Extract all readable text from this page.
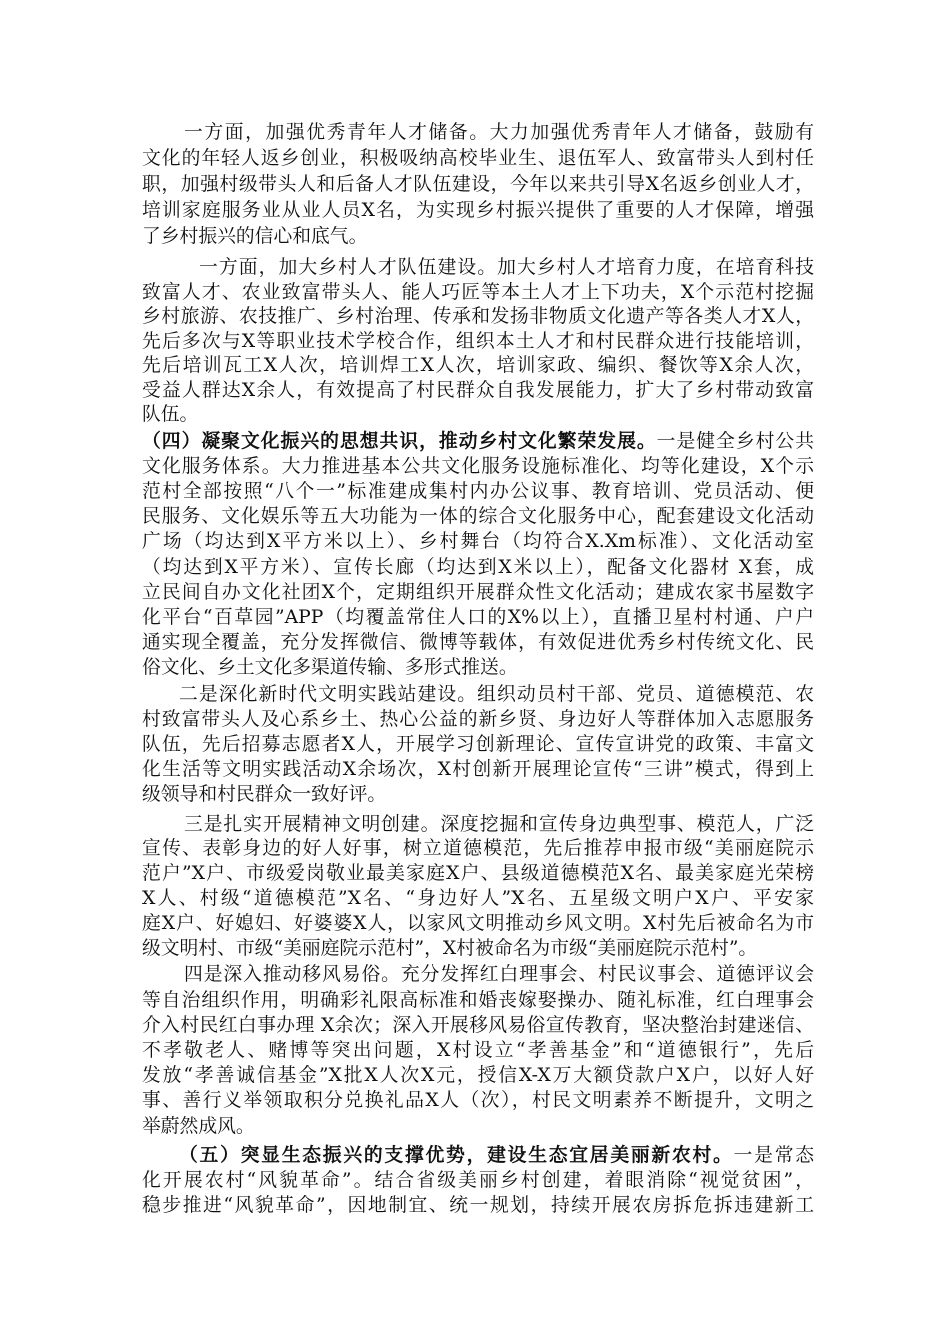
一方面，加强优秀青年人才储备。大力加强优秀青年人才储备，鼓励有
文化的年轻人返乡创业，积极吸纳高校毕业生、退伍军人、致富带头人到村任
职，加强村级带头人和后备人才队伍建设，今年以来共引导X名返乡创业人才，
培训家庭服务业从业人员X名，为实现乡村振兴提供了重要的人才保障，增强
了乡村振兴的信心和底气。
一方面，加大乡村人才队伍建设。加大乡村人才培育力度，在培育科技
致富人才、农业致富带头人、能人巧匠等本土人才上下功夫，X个示范村挖掘
乡村旅游、农技推广、乡村治理、传承和发扬非物质文化遗产等各类人才X人，
先后多次与X等职业技术学校合作，组织本土人才和村民群众进行技能培训，
先后培训瓦工X人次，培训焊工X人次，培训家政、编织、餐饮等X余人次，
受益人群达X余人，有效提高了村民群众自我发展能力，扩大了乡村带动致富
队伍。
（四）凝聚文化振兴的思想共识，推动乡村文化繁荣发展。一是健全乡村公共
文化服务体系。大力推进基本公共文化服务设施标准化、均等化建设，X个示
范村全部按照“八个一”标准建成集村内办公议事、教育培训、党员活动、便
民服务、文化娱乐等五大功能为一体的综合文化服务中心，配套建设文化活动
广场（均达到X平方米以上）、乡村舞台（均符合X.Xm标准）、文化活动室
（均达到X平方米）、宣传长廊（均达到X米以上），配备文化器材 X套，成
立民间自办文化社团X个，定期组织开展群众性文化活动；建成农家书屋数字
化平台“百草园”APP（均覆盖常住人口的X%以上），直播卫星村村通、户户
通实现全覆盖，充分发挥微信、微博等载体，有效促进优秀乡村传统文化、民
俗文化、乡土文化多渠道传输、多形式推送。
二是深化新时代文明实践站建设。组织动员村干部、党员、道德模范、农
村致富带头人及心系乡土、热心公益的新乡贤、身边好人等群体加入志愿服务
队伍，先后招募志愿者X人，开展学习创新理论、宣传宣讲党的政策、丰富文
化生活等文明实践活动X余场次，X村创新开展理论宣传“三讲”模式，得到上
级领导和村民群众一致好评。
三是扎实开展精神文明创建。深度挖掘和宣传身边典型事、模范人，广泛
宣传、表彰身边的好人好事，树立道德模范，先后推荐申报市级“美丽庭院示
范户”X户、市级爱岗敬业最美家庭X户、县级道德模范X名、最美家庭光荣榜
X人、村级“道德模范”X名、“身边好人”X名、五星级文明户X户、平安家
庭X户、好媳妇、好婆婆X人，以家风文明推动乡风文明。X村先后被命名为市
级文明村、市级“美丽庭院示范村”，X村被命名为市级“美丽庭院示范村”。
四是深入推动移风易俗。充分发挥红白理事会、村民议事会、道德评议会
等自治组织作用，明确彩礼限高标准和婚丧嫁娶操办、随礼标准，红白理事会
介入村民红白事办理 X余次；深入开展移风易俗宣传教育，坚决整治封建迷信、
不孝敬老人、赌博等突出问题，X村设立“孝善基金”和“道德银行”，先后
发放“孝善诚信基金”X批X人次X元，授信X-X万大额贷款户X户，以好人好
事、善行义举领取积分兑换礼品X人（次），村民文明素养不断提升，文明之
举蔚然成风。
（五）突显生态振兴的支撑优势，建设生态宜居美丽新农村。一是常态
化开展农村“风貌革命”。结合省级美丽乡村创建，着眼消除“视觉贫困”，
稳步推进“风貌革命”，因地制宜、统一规划，持续开展农房拆危拆违建新工
